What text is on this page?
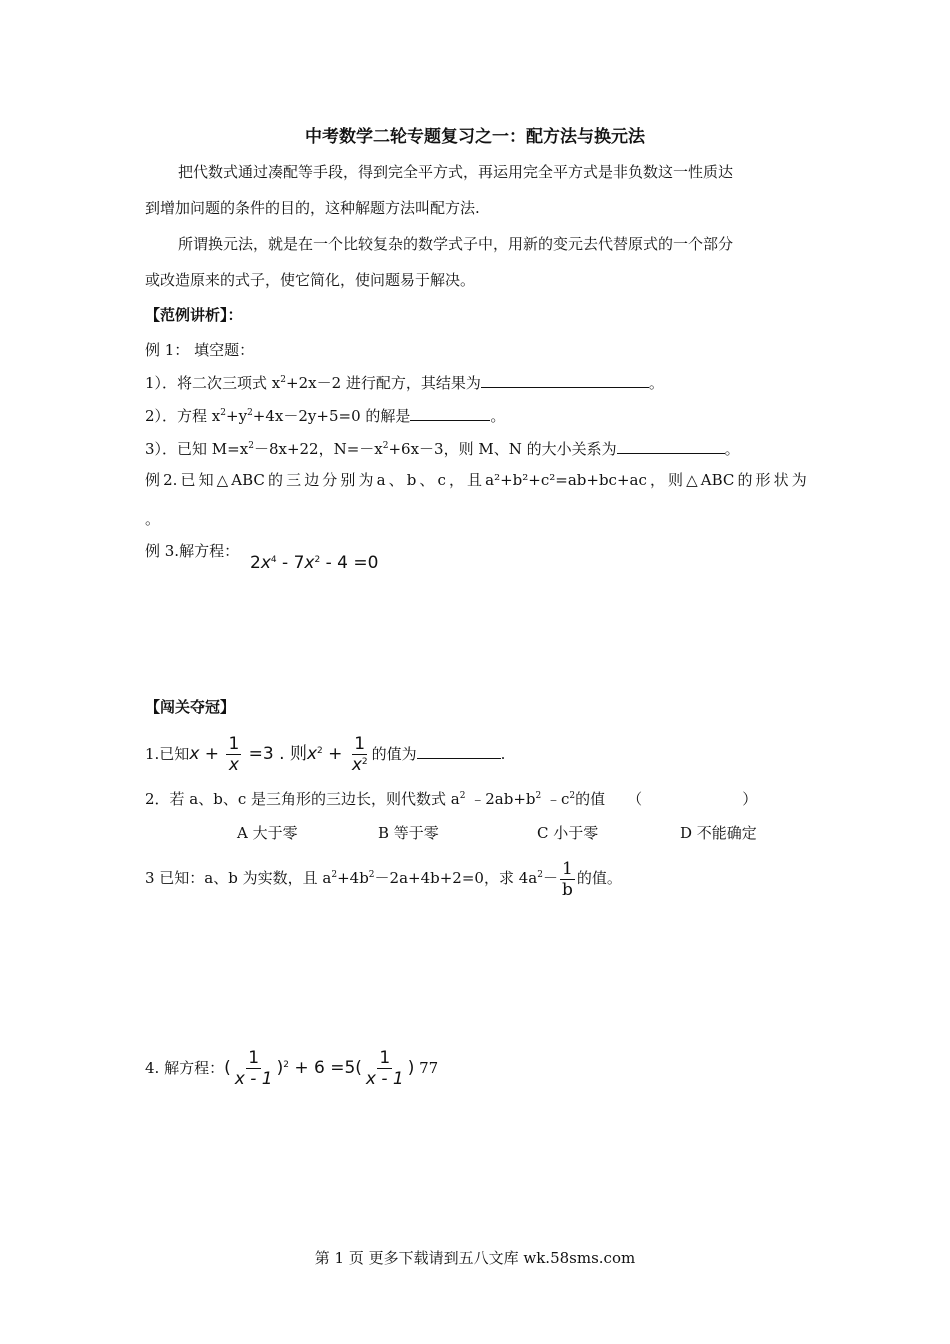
中考数学二轮专题复习之一：配方法与换元法
把代数式通过凑配等手段，得到完全平方式，再运用完全平方式是非负数这一性质达
到增加问题的条件的目的，这种解题方法叫配方法.
所谓换元法，就是在一个比较复杂的数学式子中，用新的变元去代替原式的一个部分
或改造原来的式子，使它简化，使问题易于解决。
【范例讲析】：
例 1： 填空题：
1）．将二次三项式 $x^2+2x-2$ 进行配方，其结果为	。
2）．方程 $x^2+y^2+4x-2y+5=0$ 的解是	。
3）．已知 $M=x^2-8x+22$，$N=-x^2+6x-3$，则 M、N 的大小关系为	。
例 2. 已 知 △ ABC 的 三 边 分 别 为 a 、 b 、 c ， 且 a²+b²+c²=ab+bc+ac ， 则 △ ABC 的 形 状 为
。
例 3.解方程：
$2x^4 - 7x^2 - 4 =0$
【闯关夺冠】
1.已知$x + \frac{1}{x} =3$ . 则$x^2 + \frac{1}{x^2}$ 的值为	.
2．若 a、b、c 是三角形的三边长，则代数式 $a^2$ $﹣2ab+b^2$ $﹣c^2$的值 （	）
A 大于零	B 等于零	C 小于零	D 不能确定
3 已知：a、b 为实数，且 $a^2+4b^2-2a+4b+2=0$，求 $4a^2- \frac{1}{b}$ 的值。
4. 解方程：( $\frac{1}{x - 1} )^2 + 6 =5( \frac{1}{x - 1}$ ) 77
第 1 页 更多下载请到五八文库 wk.58sms.com
